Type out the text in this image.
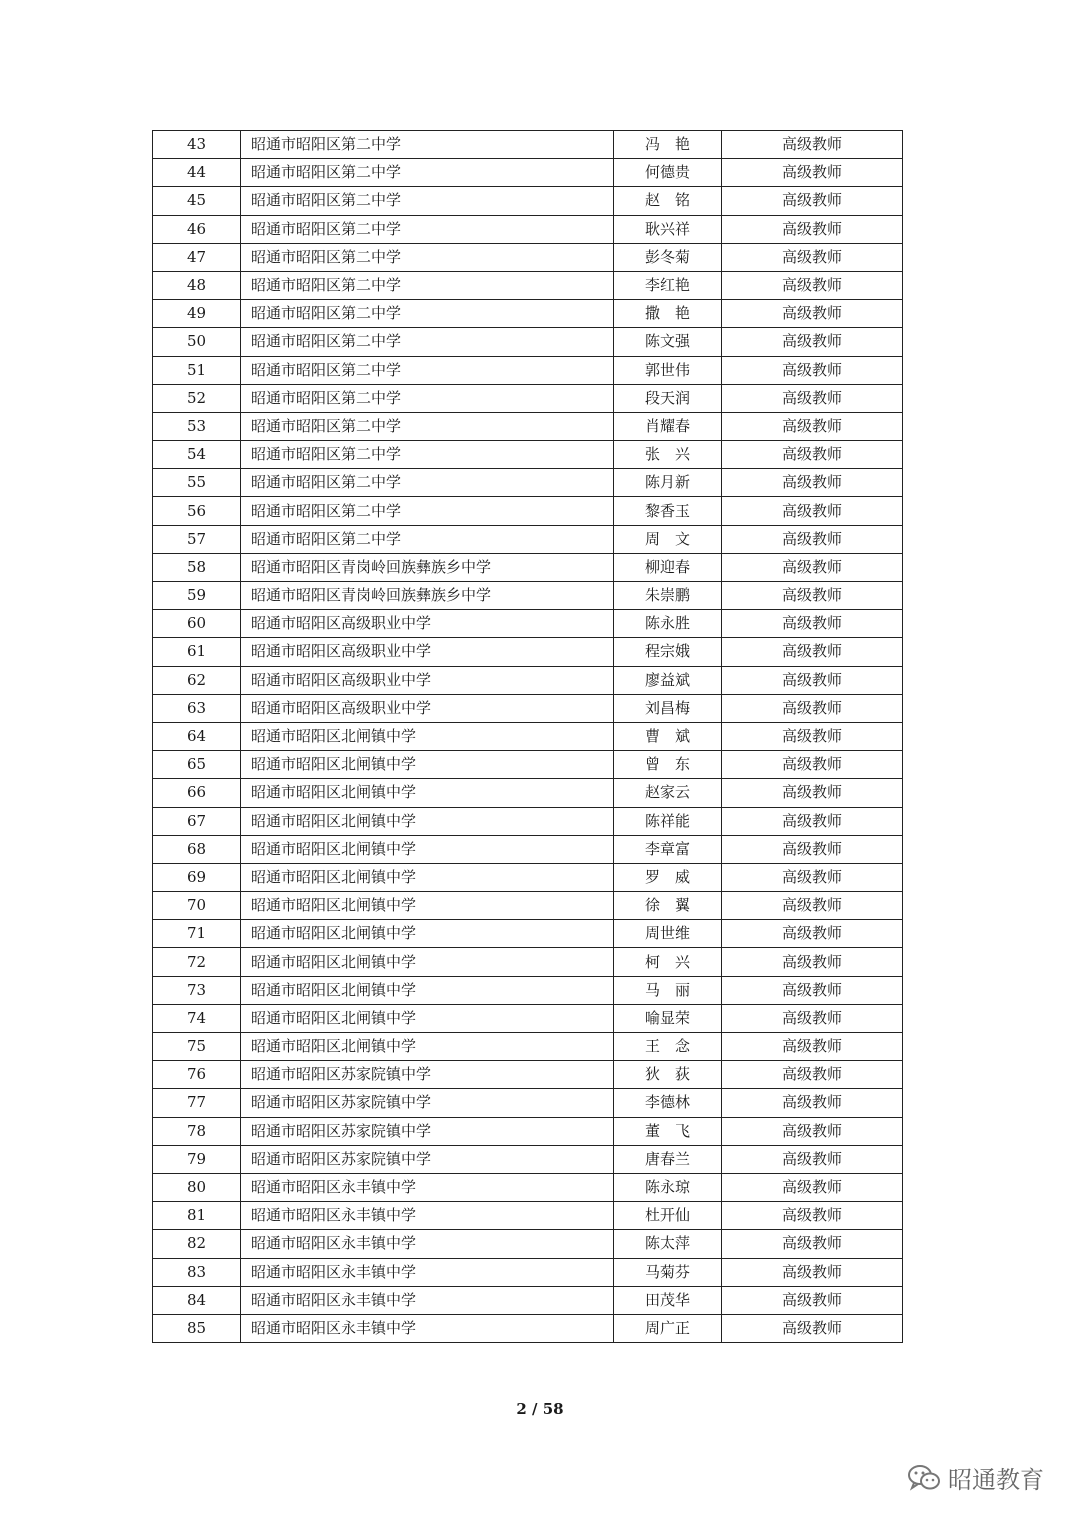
43	昭通市昭阳区第二中学	冯　艳	高级教师
44	昭通市昭阳区第二中学	何德贵	高级教师
45	昭通市昭阳区第二中学	赵　铭	高级教师
46	昭通市昭阳区第二中学	耿兴祥	高级教师
47	昭通市昭阳区第二中学	彭冬菊	高级教师
48	昭通市昭阳区第二中学	李红艳	高级教师
49	昭通市昭阳区第二中学	撒　艳	高级教师
50	昭通市昭阳区第二中学	陈文强	高级教师
51	昭通市昭阳区第二中学	郭世伟	高级教师
52	昭通市昭阳区第二中学	段天润	高级教师
53	昭通市昭阳区第二中学	肖耀春	高级教师
54	昭通市昭阳区第二中学	张　兴	高级教师
55	昭通市昭阳区第二中学	陈月新	高级教师
56	昭通市昭阳区第二中学	黎香玉	高级教师
57	昭通市昭阳区第二中学	周　文	高级教师
58	昭通市昭阳区青岗岭回族彝族乡中学	柳迎春	高级教师
59	昭通市昭阳区青岗岭回族彝族乡中学	朱崇鹏	高级教师
60	昭通市昭阳区高级职业中学	陈永胜	高级教师
61	昭通市昭阳区高级职业中学	程宗娥	高级教师
62	昭通市昭阳区高级职业中学	廖益斌	高级教师
63	昭通市昭阳区高级职业中学	刘昌梅	高级教师
64	昭通市昭阳区北闸镇中学	曹　斌	高级教师
65	昭通市昭阳区北闸镇中学	曾　东	高级教师
66	昭通市昭阳区北闸镇中学	赵家云	高级教师
67	昭通市昭阳区北闸镇中学	陈祥能	高级教师
68	昭通市昭阳区北闸镇中学	李章富	高级教师
69	昭通市昭阳区北闸镇中学	罗　威	高级教师
70	昭通市昭阳区北闸镇中学	徐　翼	高级教师
71	昭通市昭阳区北闸镇中学	周世维	高级教师
72	昭通市昭阳区北闸镇中学	柯　兴	高级教师
73	昭通市昭阳区北闸镇中学	马　丽	高级教师
74	昭通市昭阳区北闸镇中学	喻显荣	高级教师
75	昭通市昭阳区北闸镇中学	王　念	高级教师
76	昭通市昭阳区苏家院镇中学	狄　荻	高级教师
77	昭通市昭阳区苏家院镇中学	李德林	高级教师
78	昭通市昭阳区苏家院镇中学	董　飞	高级教师
79	昭通市昭阳区苏家院镇中学	唐春兰	高级教师
80	昭通市昭阳区永丰镇中学	陈永琼	高级教师
81	昭通市昭阳区永丰镇中学	杜开仙	高级教师
82	昭通市昭阳区永丰镇中学	陈太萍	高级教师
83	昭通市昭阳区永丰镇中学	马菊芬	高级教师
84	昭通市昭阳区永丰镇中学	田茂华	高级教师
85	昭通市昭阳区永丰镇中学	周广正	高级教师
2 / 58
昭通教育
